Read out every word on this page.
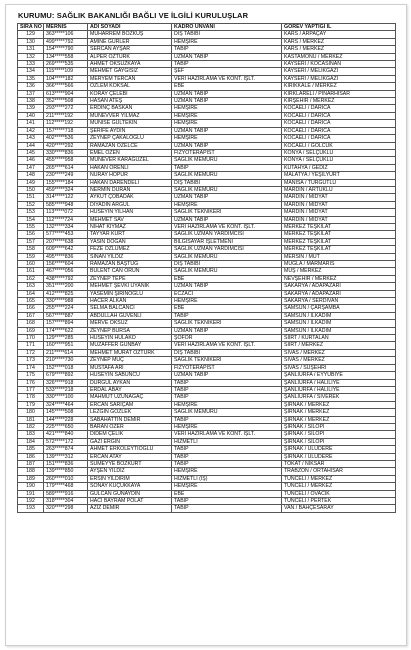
KURUMU: SAĞLIK BAKANLIĞI BAĞLI VE İLGİLİ KURULUŞLAR
SIRA NO	MERNİS	ADI SOYADI	KADRO UNVANI	GÖREV YAPTIĞI İL
129	363*****106	MUHARREM BOZKUŞ	DİŞ TABİBİ	KARS / ARPAÇAY
130	499*****792	AMİNE GÜRLER	HEMŞİRE	KARS / MERKEZ
131	154*****790	SERCAN AYŞAR	TABİP	KARS / MERKEZ
132	134*****558	ALPER ÖZTÜRK	UZMAN TABİP	KASTAMONU / MERKEZ
133	269*****535	AHMET ÖKSÜZKAYA	TABİP	KAYSERİ / KOCASİNAN
134	115*****109	MEHMET GAYGISIZ	ŞEF	KAYSERİ / MELİKGAZİ
135	104*****182	MERYEM TERCAN	VERİ HAZIRLAMA VE KONT. İŞLT.	KAYSERİ / MELİKGAZİ
136	366*****566	ÖZLEM KÖKSAL	EBE	KIRIKKALE / MERKEZ
137	613*****904	KORAY ÇELEBİ	UZMAN TABİP	KIRKLARELİ / PINARHİSAR
138	352*****508	HASAN ATEŞ	UZMAN TABİP	KIRŞEHİR / MERKEZ
139	293*****272	ERDİNÇ BASKAN	HEMŞİRE	KOCAELİ / DARICA
140	211*****192	MÜNEVVER YILMAZ	HEMŞİRE	KOCAELİ / DARICA
141	112*****192	MÜNİSE GÜLTEKİN	HEMŞİRE	KOCAELİ / DARICA
142	157*****718	ŞERİFE AYDIN	UZMAN TABİP	KOCAELİ / DARICA
143	402*****536	ZEYNEP ÇAKALOĞLU	HEMŞİRE	KOCAELİ / DARICA
144	420*****292	RAMAZAN ÖZELCE	UZMAN TABİP	KOCAELİ / GÖLCÜK
145	330*****836	EMEL ÖZEN	FİZYOTERAPİST	KONYA / SELÇUKLU
146	455*****958	MÜNEVER KARAGÜZEL	SAĞLIK MEMURU	KONYA / SELÇUKLU
147	265*****614	HAKAN ÖRENLİ	TABİP	KÜTAHYA / GEDİZ
148	230*****249	NURAY HOPUR	SAĞLIK MEMURU	MALATYA / YEŞİLYURT
149	155*****184	HAKAN DARENDELİ	DİŞ TABİBİ	MANİSA / TURGUTLU
150	459*****324	NERMİN DURAN	SAĞLIK MEMURU	MARDİN / ARTUKLU
151	314*****122	AYKUT ÇOBADAK	UZMAN TABİP	MARDİN / MİDYAT
152	585*****948	DİYADİN ARGÜL	HEMŞİRE	MARDİN / MİDYAT
153	113*****072	HÜSEYİN YILHAN	SAĞLIK TEKNİKERİ	MARDİN / MİDYAT
154	112*****724	MEHMET SAV	UZMAN TABİP	MARDİN / MİDYAT
155	132*****334	NİHAT KIYMAZ	VERİ HAZIRLAMA VE KONT. İŞLT.	MERKEZ TEŞKİLAT
156	577*****453	TAYYAR KURT	SAĞLIK UZMAN YARDIMCISI	MERKEZ TEŞKİLAT
157	207*****638	YASİN DOĞAN	BİLGİSAYAR İŞLETMENİ	MERKEZ TEŞKİLAT
158	609*****642	FEZE ÖZLÜMEZ	SAĞLIK UZMAN YARDIMCISI	MERKEZ TEŞKİLAT
159	495*****836	SİNAN YILDIZ	SAĞLIK MEMURU	MERSİN / MUT
160	156*****604	RAMAZAN BAŞTUĞ	DİŞ TABİBİ	MUĞLA / MARMARİS
161	467*****056	BÜLENT CAN ÖRÜN	SAĞLIK MEMURU	MUŞ / MERKEZ
162	438*****792	ZEYNEP TEPE	EBE	NEVŞEHİR / MERKEZ
163	351*****200	MEHMET ŞEVKİ UYANIK	UZMAN TABİP	SAKARYA / ADAPAZARI
164	412*****825	YASEMİN ŞİRİNOĞLU	ECZACI	SAKARYA / ADAPAZARI
165	330*****988	HACER ALKAN	HEMŞİRE	SAKARYA / SERDİVAN
166	255*****224	SELMA BALCANCI	EBE	SAMSUN / ÇARŞAMBA
167	567*****887	ABDULLAH GÜVENLİ	TABİP	SAMSUN / İLKADIM
168	157*****894	MERVE OKSÜZ	SAĞLIK TEKNİKERİ	SAMSUN / İLKADIM
169	174*****622	ZEYNEP BURSA	UZMAN TABİP	SAMSUN / İLKADIM
170	129*****285	HÜSEYİN HÜLAKO	ŞOFÖR	SİİRT / KURTALAN
171	160*****951	MUZAFFER GÜNBAY	VERİ HAZIRLAMA VE KONT. İŞLT.	SİİRT / MERKEZ
172	211*****614	MEHMET MURAT ÖZTÜRK	DİŞ TABİBİ	SİVAS / MERKEZ
173	210*****730	ZEYNEP MUÇ	SAĞLIK TEKNİKERİ	SİVAS / MERKEZ
174	152*****018	MUSTAFA ARI	FİZYOTERAPİST	SİVAS / SUŞEHRİ
175	679*****892	HÜSEYİN SABUNCU	UZMAN TABİP	ŞANLIURFA / EYYÜBİYE
176	326*****918	DURGÜL AYKAN	TABİP	ŞANLIURFA / HALİLİYE
177	533*****218	ERDAL ABAY	TABİP	ŞANLIURFA / HALİLİYE
178	330*****100	MAHMUT UZUNAĞAÇ	TABİP	ŞANLIURFA / SİVEREK
179	324*****464	ERCAN SARIÇAM	HEMŞİRE	ŞIRNAK / MERKEZ
180	145*****508	LEZGİN GÖZLEK	SAĞLIK MEMURU	ŞIRNAK / MERKEZ
181	144*****228	SABAHATTİN DEMİR	TABİP	ŞIRNAK / MERKEZ
182	225*****650	BARAN ÖZER	HEMŞİRE	ŞIRNAK / SİLOPİ
183	421*****840	DİDEM ÇELİK	VERİ HAZIRLAMA VE KONT. İŞLT.	ŞIRNAK / SİLOPİ
184	572*****172	GAZİ ERGİN	HİZMETLİ	ŞIRNAK / SİLOPİ
185	263*****874	AHMET ERKOLEYTİOĞLU	TABİP	ŞIRNAK / ULUDERE
186	139*****312	ERCAN ATAY	TABİP	ŞIRNAK / ULUDERE
187	151*****836	SÜMEYYE BOZKURT	TABİP	TOKAT / NİKSAR
188	139*****850	AYŞEN YILDIZ	HEMŞİRE	TRABZON / ORTAHİSAR
189	260*****010	ERSİN YILDIRIM	HİZMETLİ (İŞ)	TUNCELİ / MERKEZ
190	179*****468	SONAY KUÇUKKAYA	HEMŞİRE	TUNCELİ / MERKEZ
191	589*****916	GÜLCAN GÜNAYDIN	EBE	TUNCELİ / OVACIK
192	318*****304	HACI BAYRAM POLAT	TABİP	TUNCELİ / PERTEK
193	320*****298	AZİZ DEMİR	TABİP	VAN / BAHÇESARAY
